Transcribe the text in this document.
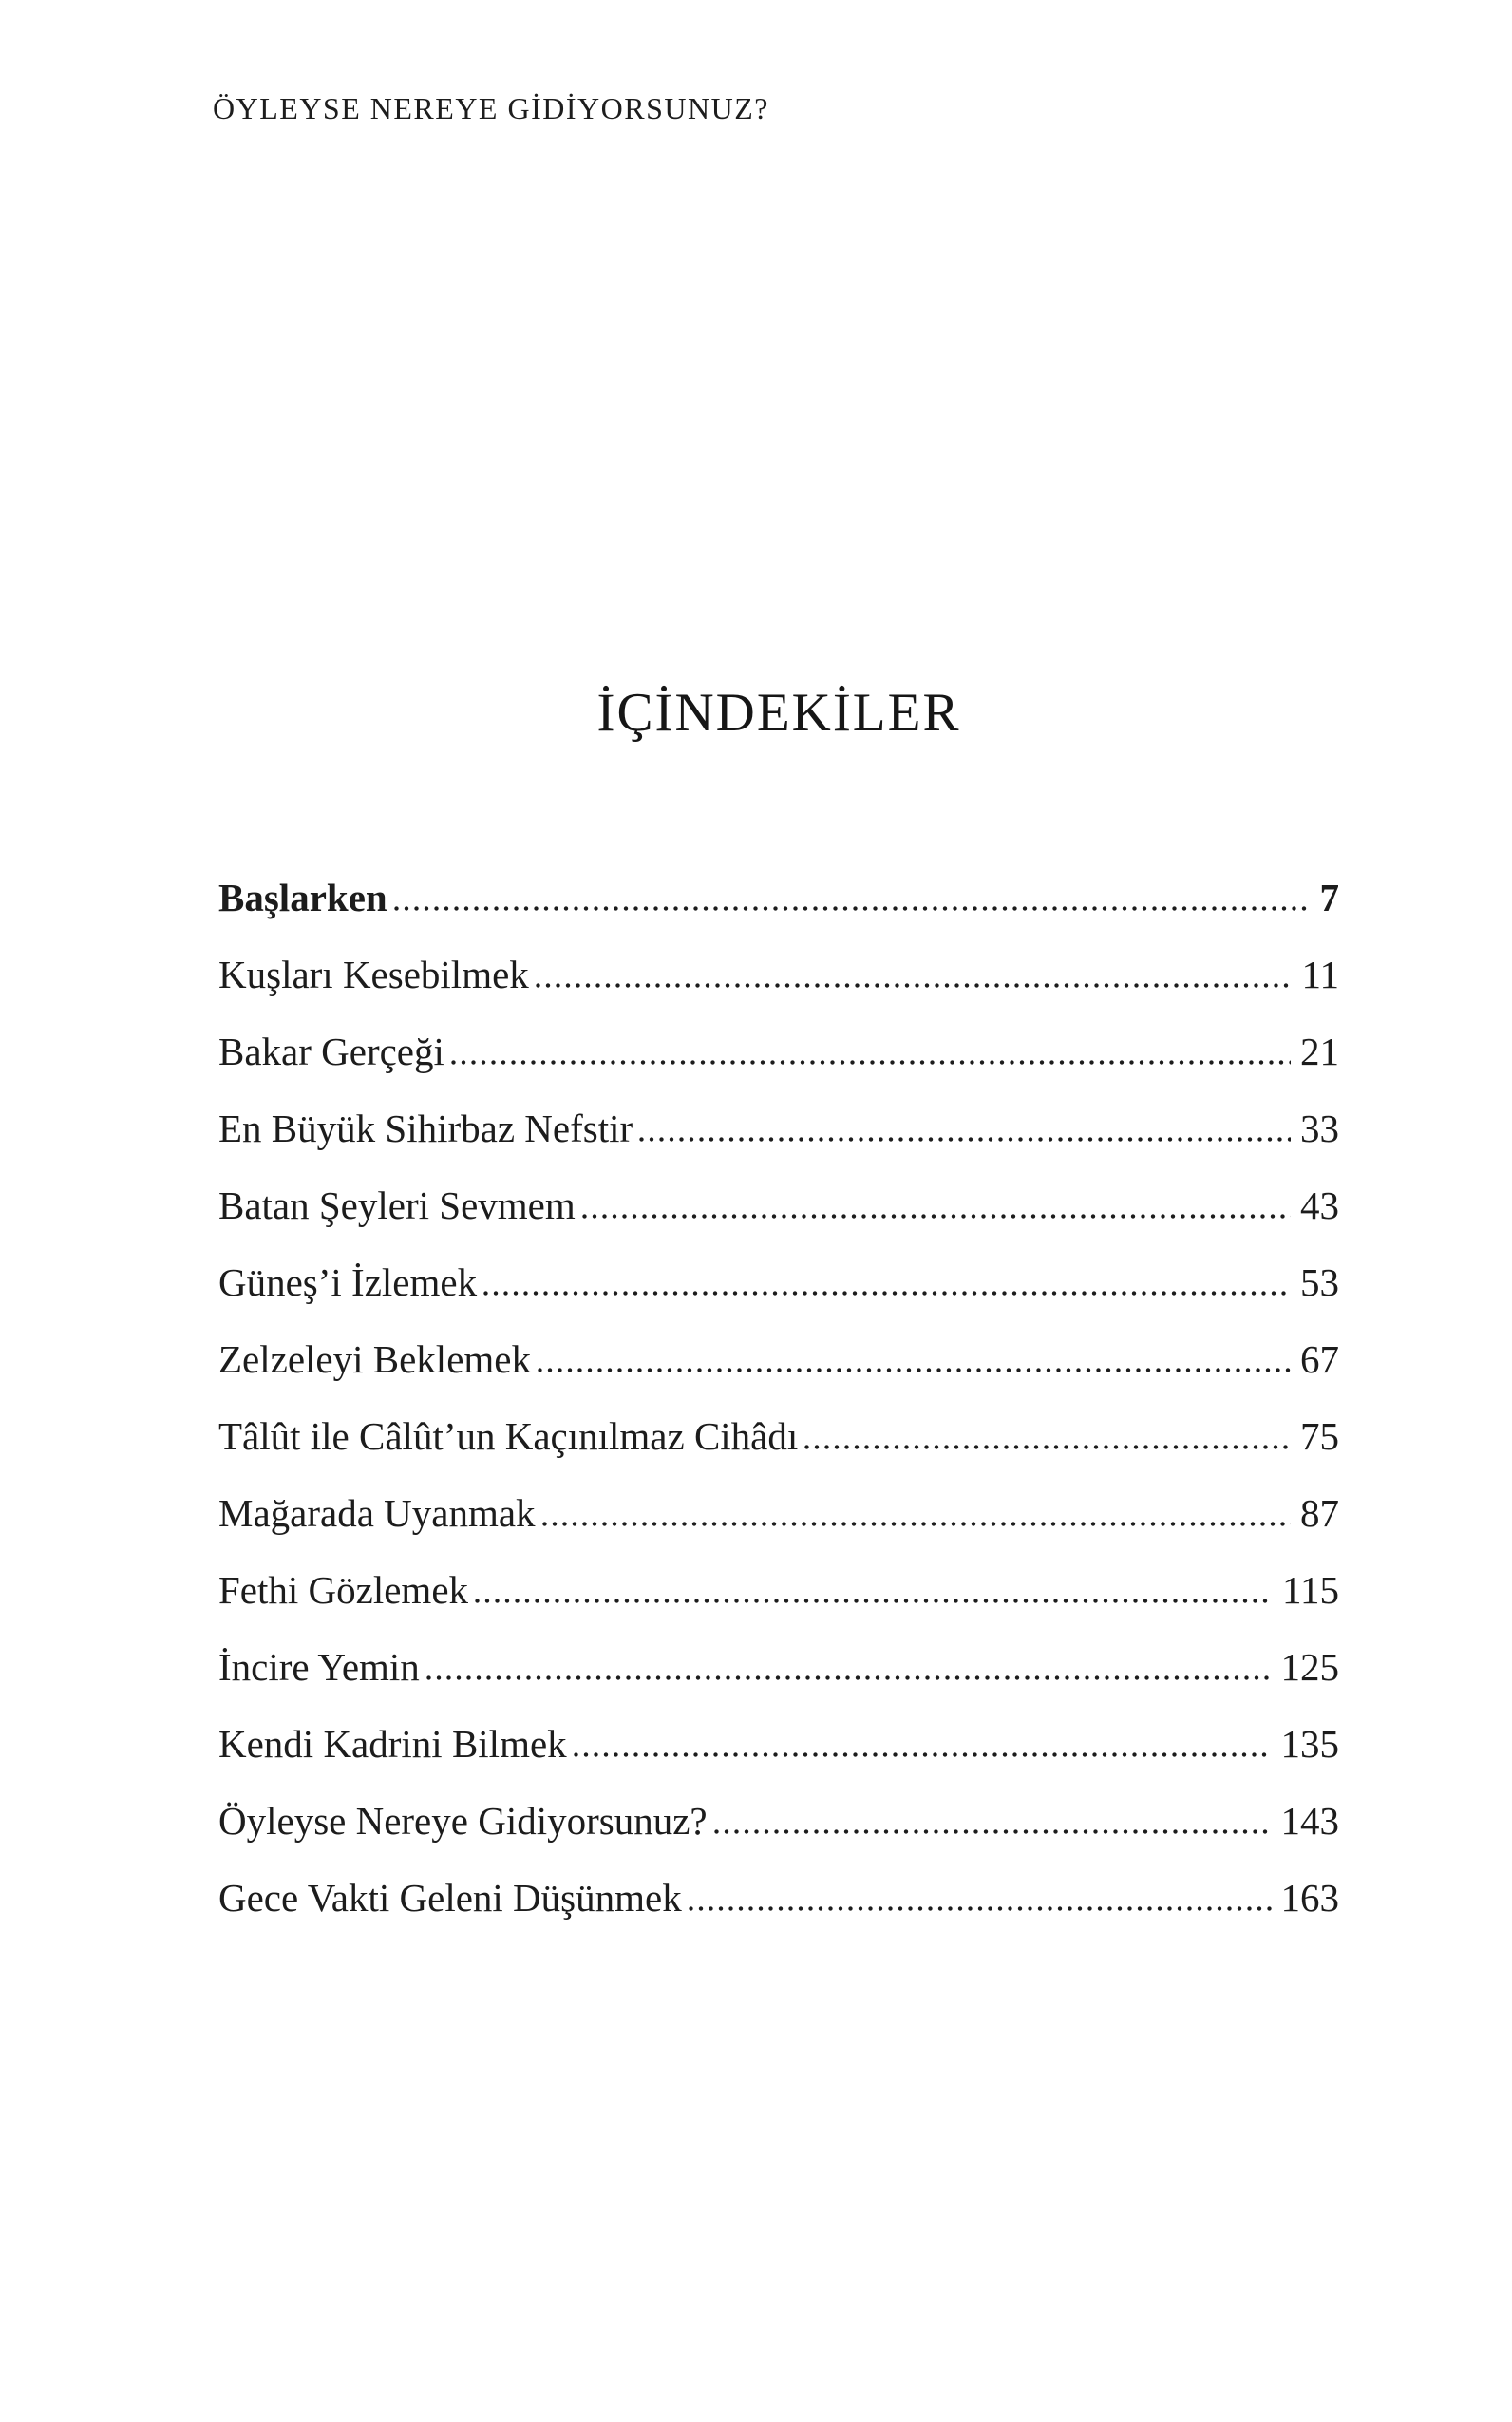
ÖYLEYSE NEREYE GİDİYORSUNUZ?
İÇİNDEKİLER
Başlarken	7
Kuşları Kesebilmek	11
Bakar Gerçeği	21
En Büyük Sihirbaz Nefstir	33
Batan Şeyleri Sevmem	43
Güneş’i İzlemek	53
Zelzeleyi Beklemek	67
Tâlût ile Câlût’un Kaçınılmaz Cihâdı	75
Mağarada Uyanmak	87
Fethi Gözlemek	115
İncire Yemin	125
Kendi Kadrini Bilmek	135
Öyleyse Nereye Gidiyorsunuz?	143
Gece Vakti Geleni Düşünmek	163
